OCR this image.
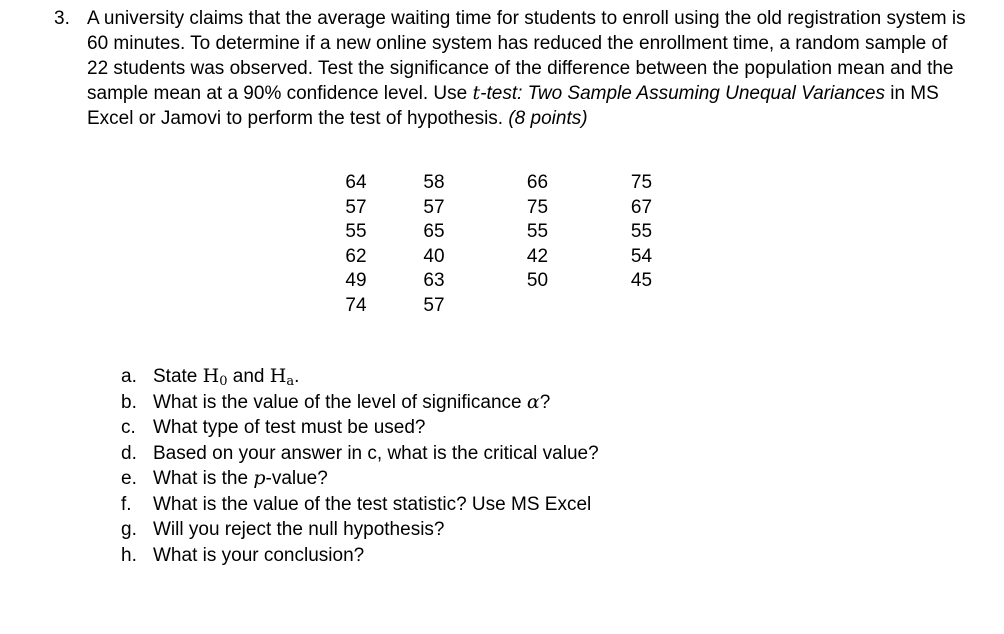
3. A university claims that the average waiting time for students to enroll using the old registration system is 60 minutes. To determine if a new online system has reduced the enrollment time, a random sample of 22 students was observed. Test the significance of the difference between the population mean and the sample mean at a 90% confidence level. Use t-test: Two Sample Assuming Unequal Variances in MS Excel or Jamovi to perform the test of hypothesis. (8 points)
64	58	66	75
57	57	75	67
55	65	55	55
62	40	42	54
49	63	50	45
74	57
a. State $H_0$ and $H_a$.
b. What is the value of the level of significance α?
c. What type of test must be used?
d. Based on your answer in c, what is the critical value?
e. What is the p-value?
f.	What is the value of the test statistic? Use MS Excel
g. Will you reject the null hypothesis?
h. What is your conclusion?
